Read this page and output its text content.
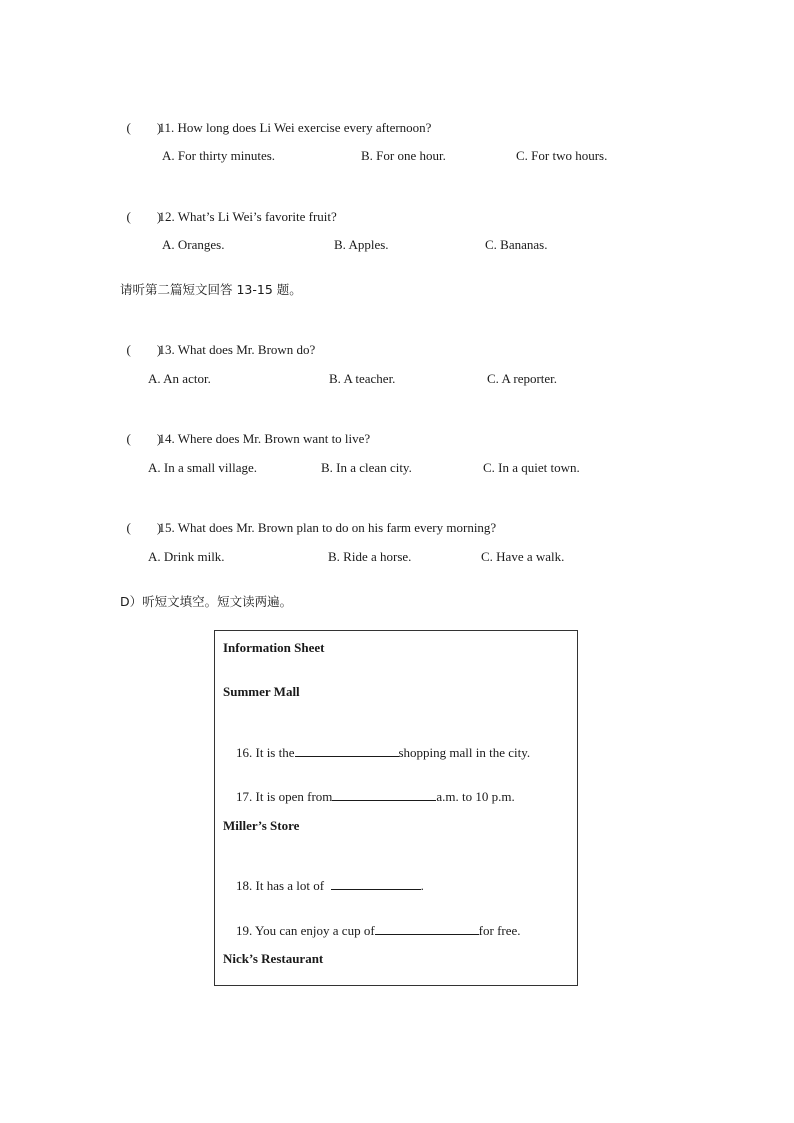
(        )11. How long does Li Wei exercise every afternoon?

A. For thirty minutes.	B. For one hour.	C. For two hours.

(        )12. What’s Li Wei’s favorite fruit?

A. Oranges.	B. Apples.	C. Bananas.
请听第二篇短文回答 13-15 题。

(        )13. What does Mr. Brown do?

A. An actor.	B. A teacher.	C. A reporter.

(        )14. Where does Mr. Brown want to live?

A. In a small village.	B. In a clean city.	C. In a quiet town.

(        )15. What does Mr. Brown plan to do on his farm every morning?

A. Drink milk.	B. Ride a horse.	C. Have a walk.
D）听短文填空。短文读两遍。
Information Sheet
Summer Mall

16. It is the	shopping mall in the city.

17. It is open from	a.m. to 10 p.m.

Miller’s Store

18. It has a lot of	.

19. You can enjoy a cup of	for free.

Nick’s Restaurant
